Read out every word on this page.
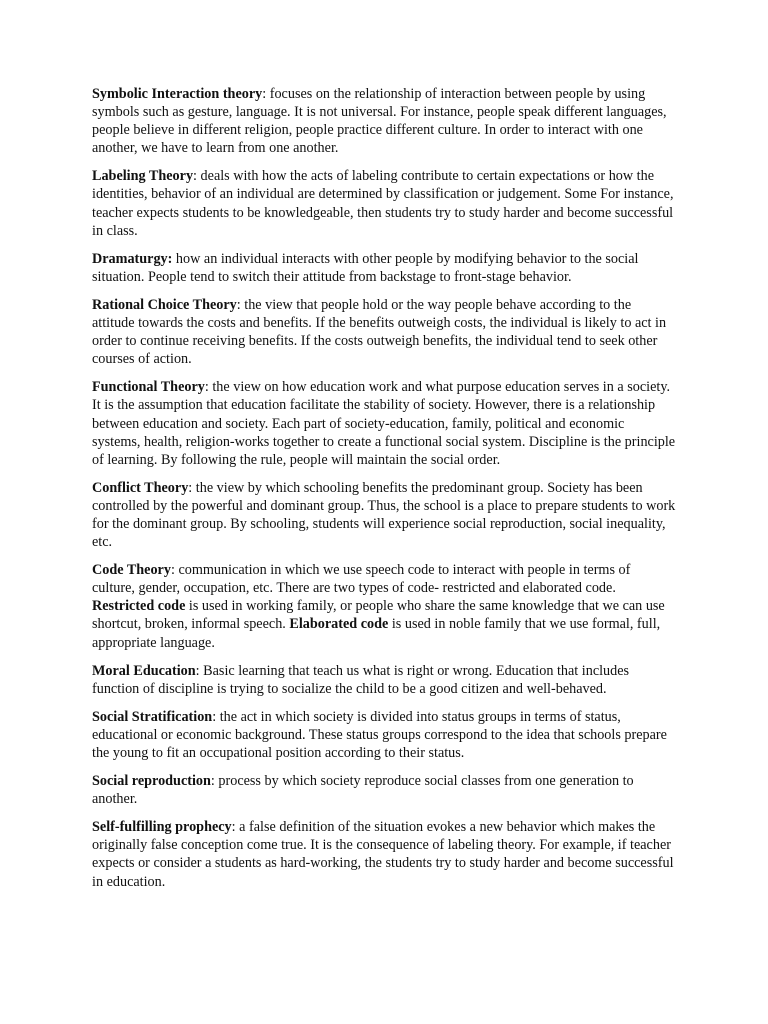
Symbolic Interaction theory: focuses on the relationship of interaction between people by using symbols such as gesture, language. It is not universal. For instance, people speak different languages, people believe in different religion, people practice different culture. In order to interact with one another, we have to learn from one another.

Labeling Theory: deals with how the acts of labeling contribute to certain expectations or how the identities, behavior of an individual are determined by classification or judgement. Some For instance, teacher expects students to be knowledgeable, then students try to study harder and become successful in class.

Dramaturgy: how an individual interacts with other people by modifying behavior to the social situation. People tend to switch their attitude from backstage to front-stage behavior.

Rational Choice Theory: the view that people hold or the way people behave according to the attitude towards the costs and benefits. If the benefits outweigh costs, the individual is likely to act in order to continue receiving benefits. If the costs outweigh benefits, the individual tend to seek other courses of action.

Functional Theory: the view on how education work and what purpose education serves in a society. It is the assumption that education facilitate the stability of society. However, there is a relationship between education and society. Each part of society-education, family, political and economic systems, health, religion-works together to create a functional social system. Discipline is the principle of learning. By following the rule, people will maintain the social order.

Conflict Theory: the view by which schooling benefits the predominant group. Society has been controlled by the powerful and dominant group. Thus, the school is a place to prepare students to work for the dominant group. By schooling, students will experience social reproduction, social inequality, etc.

Code Theory: communication in which we use speech code to interact with people in terms of culture, gender, occupation, etc. There are two types of code- restricted and elaborated code. Restricted code is used in working family, or people who share the same knowledge that we can use shortcut, broken, informal speech. Elaborated code is used in noble family that we use formal, full, appropriate language.

Moral Education: Basic learning that teach us what is right or wrong. Education that includes function of discipline is trying to socialize the child to be a good citizen and well-behaved.

Social Stratification: the act in which society is divided into status groups in terms of status, educational or economic background. These status groups correspond to the idea that schools prepare the young to fit an occupational position according to their status.

Social reproduction: process by which society reproduce social classes from one generation to another.

Self-fulfilling prophecy: a false definition of the situation evokes a new behavior which makes the originally false conception come true. It is the consequence of labeling theory. For example, if teacher expects or consider a students as hard-working, the students try to study harder and become successful in education.
